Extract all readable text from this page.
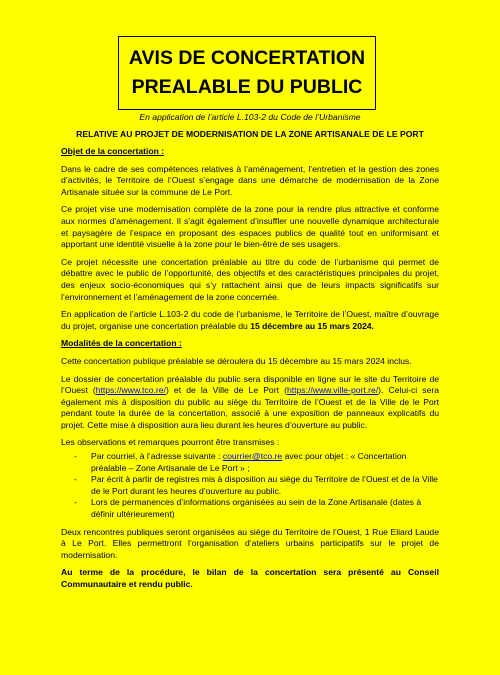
AVIS DE CONCERTATION
PREALABLE DU PUBLIC
En application de l’article L.103-2 du Code de l’Urbanisme
RELATIVE AU PROJET DE MODERNISATION DE LA ZONE ARTISANALE DE LE PORT
Objet de la concertation :

Dans le cadre de ses compétences relatives à l’aménagement, l’entretien et la gestion des zones d’activités, le Territoire de l’Ouest s’engage dans une démarche de modernisation de la Zone Artisanale située sur la commune de Le Port.

Ce projet vise une modernisation complète de la zone pour la rendre plus attractive et conforme aux normes d’aménagement. Il s’agit également d’insuffler une nouvelle dynamique architecturale et paysagère de l’espace en proposant des espaces publics de qualité tout en uniformisant et apportant une identité visuelle à la zone pour le bien-être de ses usagers.

Ce projet nécessite une concertation préalable au titre du code de l’urbanisme qui permet de débattre avec le public de l’opportunité, des objectifs et des caractéristiques principales du projet, des enjeux socio-économiques qui s’y rattachent ainsi que de leurs impacts significatifs sur l’environnement et l’aménagement de la zone concernée.

En application de l’article L.103-2 du code de l’urbanisme, le Territoire de l’Ouest, maître d’ouvrage du projet, organise une concertation préalable du 15 décembre au 15 mars 2024.

Modalités de la concertation :

Cette concertation publique préalable se déroulera du 15 décembre au 15 mars 2024 inclus.

Le dossier de concertation préalable du public sera disponible en ligne sur le site du Territoire de l’Ouest (https://www.tco.re/) et de la Ville de Le Port (https://www.ville-port.re/). Celui-ci sera également mis à disposition du public au siège du Territoire de l’Ouest et de la Ville de le Port pendant toute la durée de la concertation, associé à une exposition de panneaux explicatifs du projet. Cette mise à disposition aura lieu durant les heures d’ouverture au public.

Les observations et remarques pourront être transmises :

- Par courriel, à l’adresse suivante : courrier@tco.re avec pour objet : « Concertation préalable – Zone Artisanale de Le Port » ;
- Par écrit à partir de registres mis à disposition au siège du Territoire de l’Ouest et de la Ville de le Port durant les heures d’ouverture au public.
- Lors de permanences d’informations organisées au sein de la Zone Artisanale (dates à définir ultérieurement)

Deux rencontres publiques seront organisées au siège du Territoire de l’Ouest, 1 Rue Eliard Laude à Le Port. Elles permettront l’organisation d’ateliers urbains participatifs sur le projet de modernisation.

Au terme de la procédure, le bilan de la concertation sera présenté au Conseil Communautaire et rendu public.
